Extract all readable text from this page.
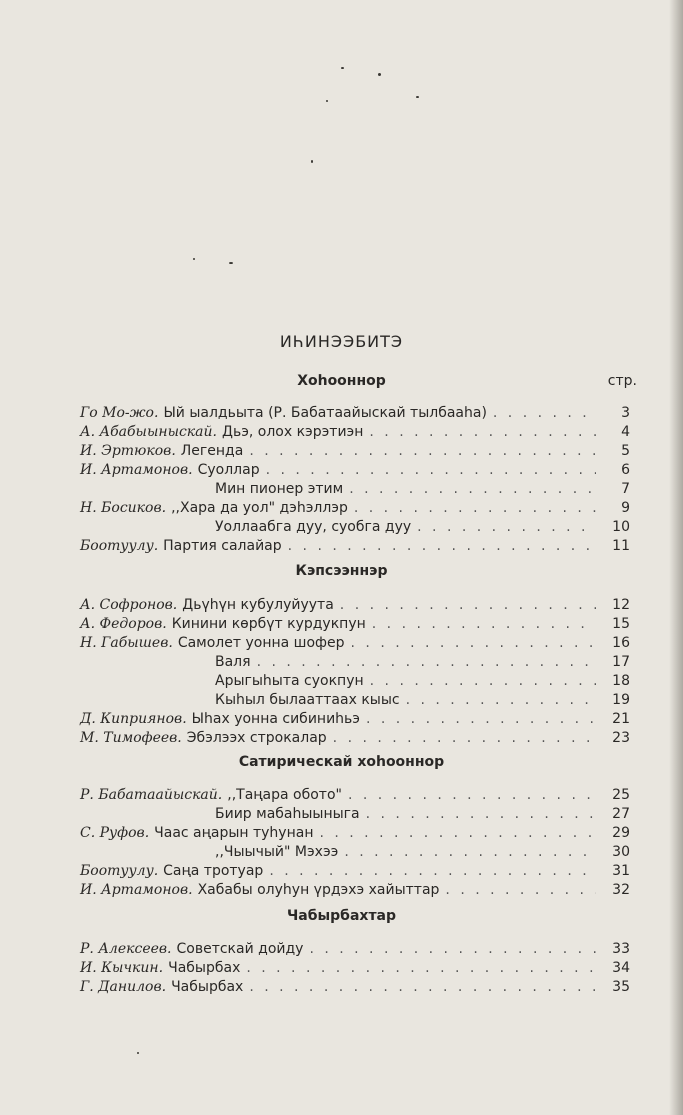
ИҺИНЭЭБИТЭ
стр.
Хоһооннор
Го Мо-жо. Ый ыалдьыта (Р. Бабатаайыскай тылбааһа) . . .	3
А. Абабыыныскай. Дьэ, олох кэрэтиэн . . .	4
И. Эртюков. Легенда . . .	5
И. Артамонов. Суоллар . . .	6
Мин пионер этим . . .	7
Н. Босиков. ,,Хара да уол" дэһэллэр . . .	9
Уоллаабга дуу, суобга дуу . . .	10
Боотуулу. Партия салайар . . .	11
Кэпсээннэр
А. Софронов. Дьүһүн кубулуйуута . . .	12
А. Федоров. Кинини көрбүт курдукпун . . .	15
Н. Габышев. Самолет уонна шофер . . .	16
Валя . . .	17
Арыгыһыта суокпун . . .	18
Кыһыл былааттаах кыыс . . .	19
Д. Киприянов. Ыһах уонна сибиниһьэ . . .	21
М. Тимофеев. Эбэлээх строкалар . . .	23
Сатирическай хоһооннор
Р. Бабатаайыскай. ,,Таңара обото" . . .	25
Биир мабаһыыныга . . .	27
С. Руфов. Чаас аңарын туһунан . . .	29
,,Чыычый" Мэхээ . . .	30
Боотуулу. Саңа тротуар . . .	31
И. Артамонов. Хабабы олуһун үрдэхэ хайыттар . . .	32
Чабырбахтар
Р. Алексеев. Советскай дойду . . .	33
И. Кычкин. Чабырбах . . .	34
Г. Данилов. Чабырбах . . .	35
